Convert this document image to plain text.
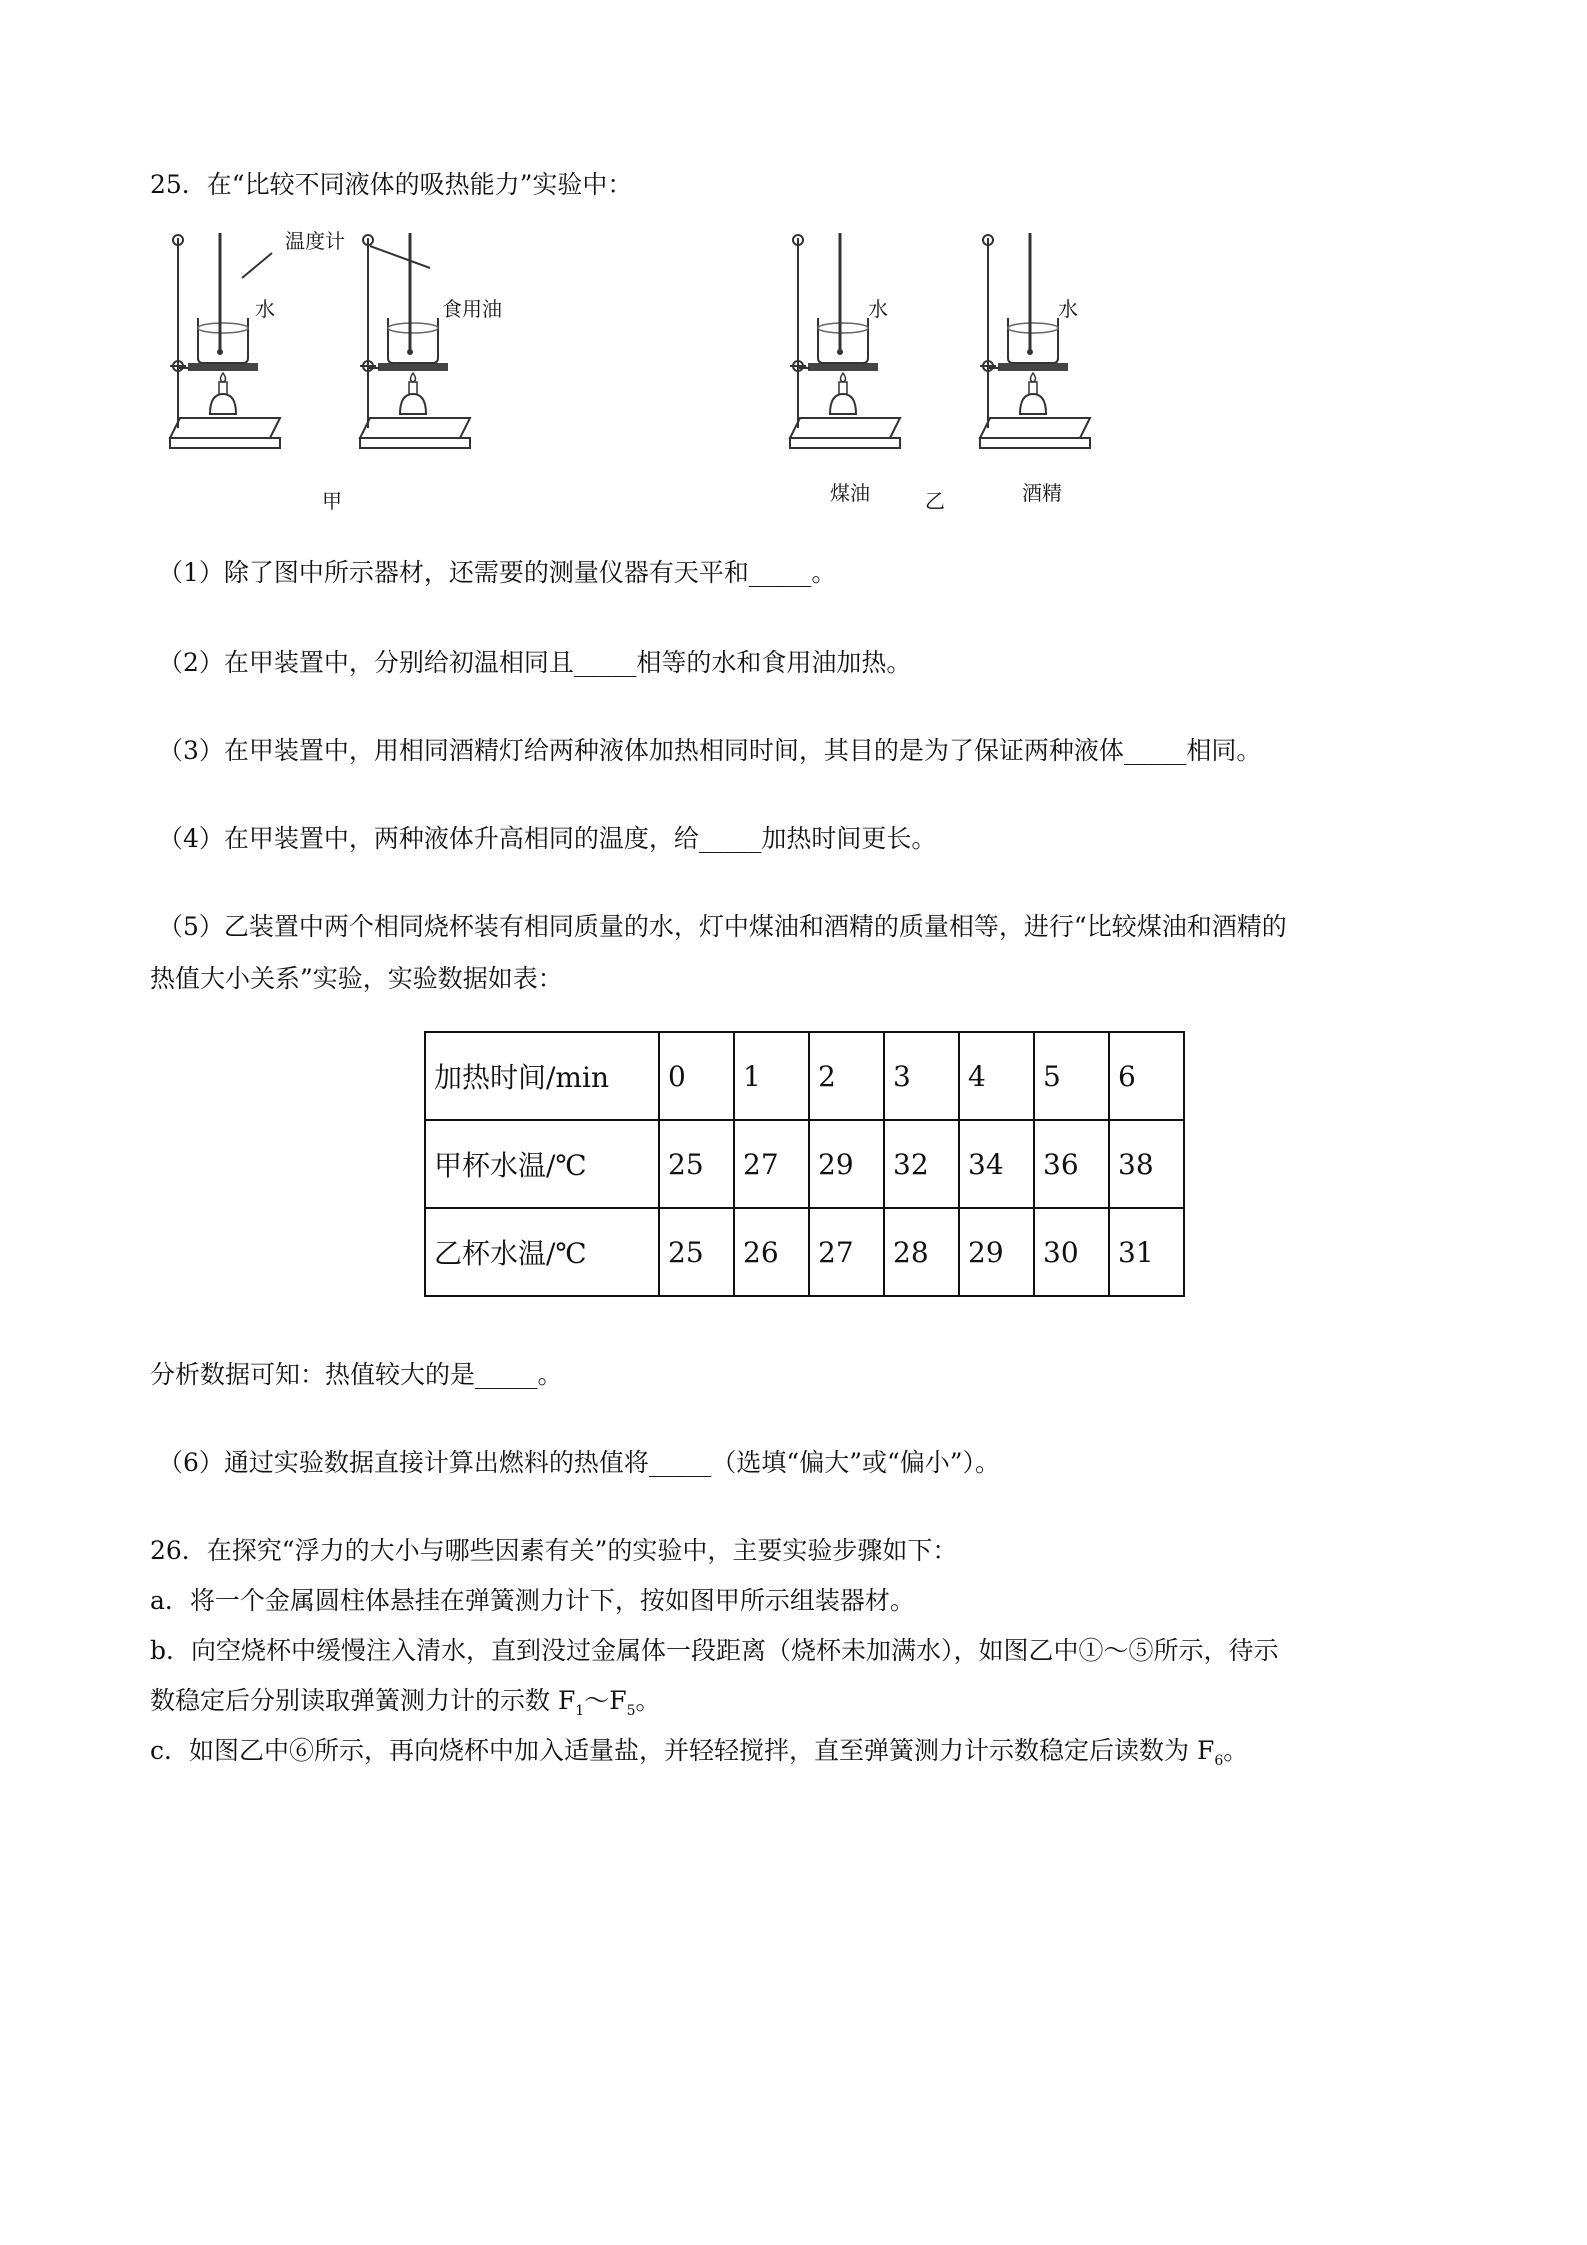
25．在“比较不同液体的吸热能力”实验中：
温度计
水	食用油
甲
水	水
煤油	乙	酒精
（1）除了图中所示器材，还需要的测量仪器有天平和_____。
（2）在甲装置中，分别给初温相同且_____相等的水和食用油加热。
（3）在甲装置中，用相同酒精灯给两种液体加热相同时间，其目的是为了保证两种液体_____相同。
（4）在甲装置中，两种液体升高相同的温度，给_____加热时间更长。
（5）乙装置中两个相同烧杯装有相同质量的水，灯中煤油和酒精的质量相等，进行“比较煤油和酒精的
热值大小关系”实验，实验数据如表：
加热时间/min	0	1	2	3	4	5	6
甲杯水温/℃	25	27	29	32	34	36	38
乙杯水温/℃	25	26	27	28	29	30	31
分析数据可知：热值较大的是_____。
（6）通过实验数据直接计算出燃料的热值将_____（选填“偏大”或“偏小”）。
26．在探究“浮力的大小与哪些因素有关”的实验中，主要实验步骤如下：
a．将一个金属圆柱体悬挂在弹簧测力计下，按如图甲所示组装器材。
b．向空烧杯中缓慢注入清水，直到没过金属体一段距离（烧杯未加满水），如图乙中①～⑤所示，待示
数稳定后分别读取弹簧测力计的示数 $F_1\sim F_5$。
c．如图乙中⑥所示，再向烧杯中加入适量盐，并轻轻搅拌，直至弹簧测力计示数稳定后读数为 $F_6$。
